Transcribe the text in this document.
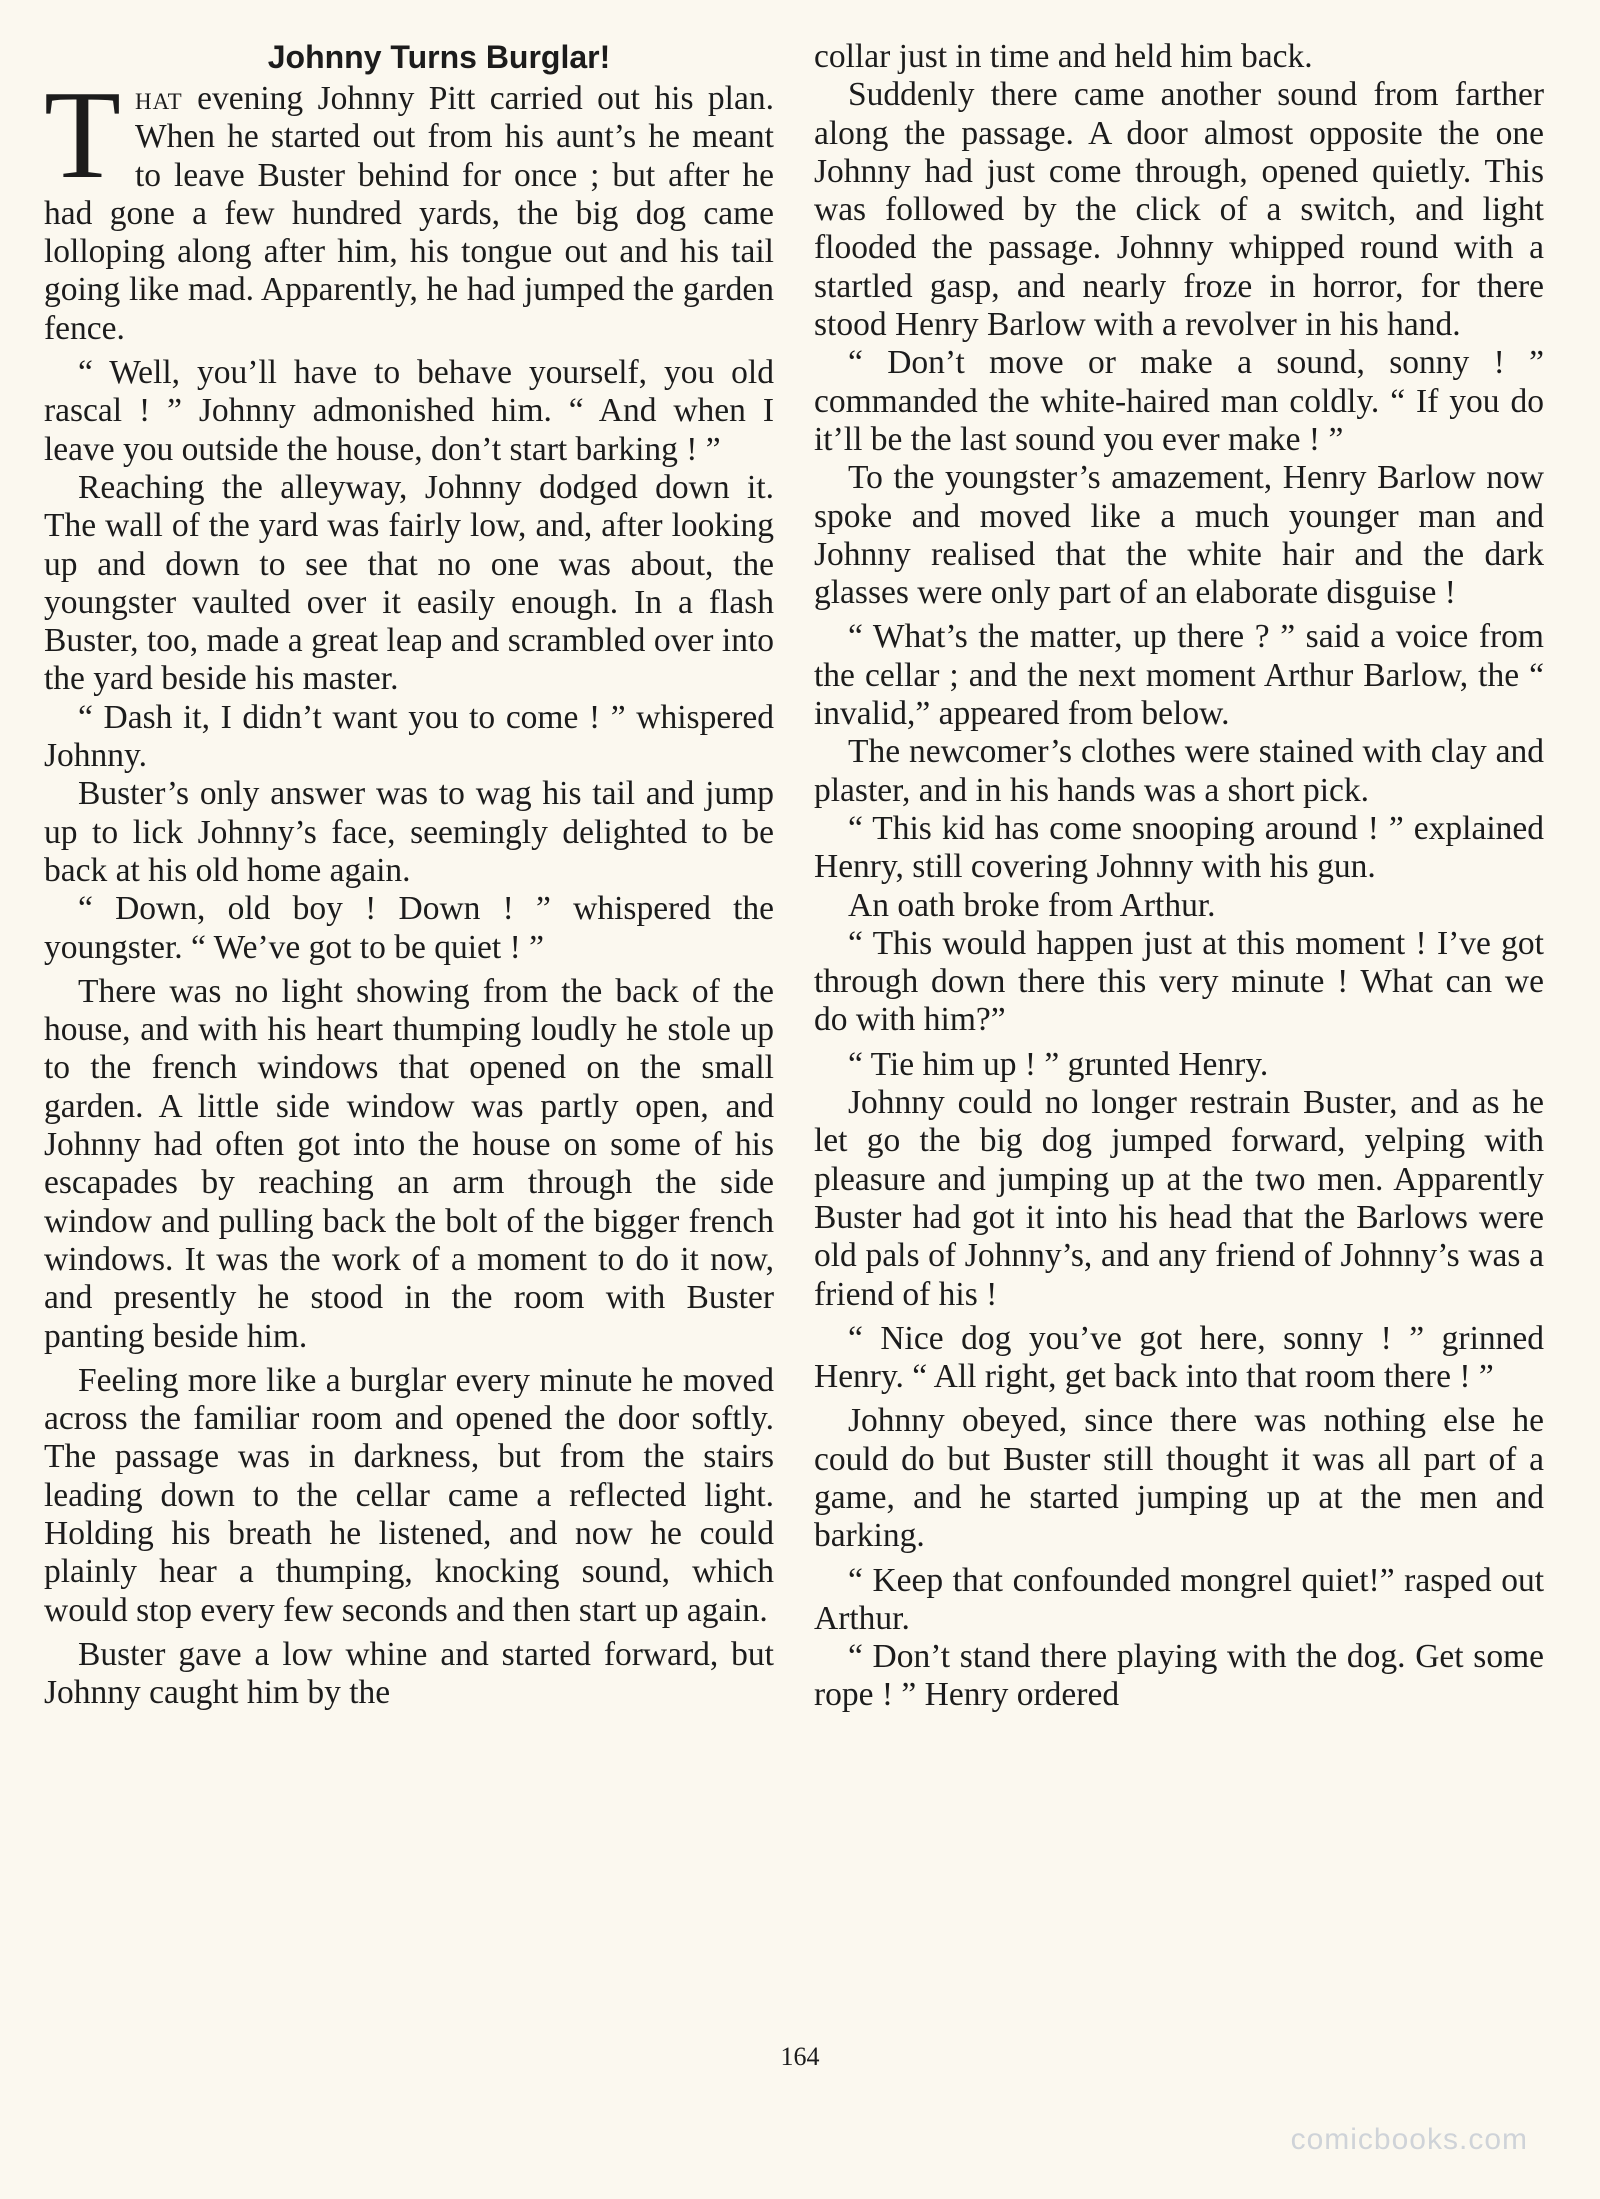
Johnny Turns Burglar!

That evening Johnny Pitt carried out his plan. When he started out from his aunt’s he meant to leave Buster behind for once ; but after he had gone a few hundred yards, the big dog came lolloping along after him, his tongue out and his tail going like mad. Apparently, he had jumped the garden fence.

“ Well, you’ll have to behave yourself, you old rascal ! ” Johnny admonished him. “ And when I leave you outside the house, don’t start barking ! ”

Reaching the alleyway, Johnny dodged down it. The wall of the yard was fairly low, and, after looking up and down to see that no one was about, the youngster vaulted over it easily enough. In a flash Buster, too, made a great leap and scrambled over into the yard beside his master.

“ Dash it, I didn’t want you to come ! ” whispered Johnny.

Buster’s only answer was to wag his tail and jump up to lick Johnny’s face, seemingly delighted to be back at his old home again.

“ Down, old boy ! Down ! ” whispered the youngster. “ We’ve got to be quiet ! ”

There was no light showing from the back of the house, and with his heart thumping loudly he stole up to the french windows that opened on the small garden. A little side window was partly open, and Johnny had often got into the house on some of his escapades by reaching an arm through the side window and pulling back the bolt of the bigger french windows. It was the work of a moment to do it now, and presently he stood in the room with Buster panting beside him.

Feeling more like a burglar every minute he moved across the familiar room and opened the door softly. The passage was in darkness, but from the stairs leading down to the cellar came a reflected light. Holding his breath he listened, and now he could plainly hear a thumping, knocking sound, which would stop every few seconds and then start up again.

Buster gave a low whine and started forward, but Johnny caught him by the

collar just in time and held him back.

Suddenly there came another sound from farther along the passage. A door almost opposite the one Johnny had just come through, opened quietly. This was followed by the click of a switch, and light flooded the passage. Johnny whipped round with a startled gasp, and nearly froze in horror, for there stood Henry Barlow with a revolver in his hand.

“ Don’t move or make a sound, sonny ! ” commanded the white-haired man coldly. “ If you do it’ll be the last sound you ever make ! ”

To the youngster’s amazement, Henry Barlow now spoke and moved like a much younger man and Johnny realised that the white hair and the dark glasses were only part of an elaborate disguise !

“ What’s the matter, up there ? ” said a voice from the cellar ; and the next moment Arthur Barlow, the “ invalid,” appeared from below.

The newcomer’s clothes were stained with clay and plaster, and in his hands was a short pick.

“ This kid has come snooping around ! ” explained Henry, still covering Johnny with his gun.

An oath broke from Arthur.

“ This would happen just at this moment ! I’ve got through down there this very minute ! What can we do with him?”

“ Tie him up ! ” grunted Henry.

Johnny could no longer restrain Buster, and as he let go the big dog jumped forward, yelping with pleasure and jumping up at the two men. Apparently Buster had got it into his head that the Barlows were old pals of Johnny’s, and any friend of Johnny’s was a friend of his !

“ Nice dog you’ve got here, sonny ! ” grinned Henry. “ All right, get back into that room there ! ”

Johnny obeyed, since there was nothing else he could do but Buster still thought it was all part of a game, and he started jumping up at the men and barking.

“ Keep that confounded mongrel quiet!” rasped out Arthur.

“ Don’t stand there playing with the dog. Get some rope ! ” Henry ordered

164
comicbooks.com
